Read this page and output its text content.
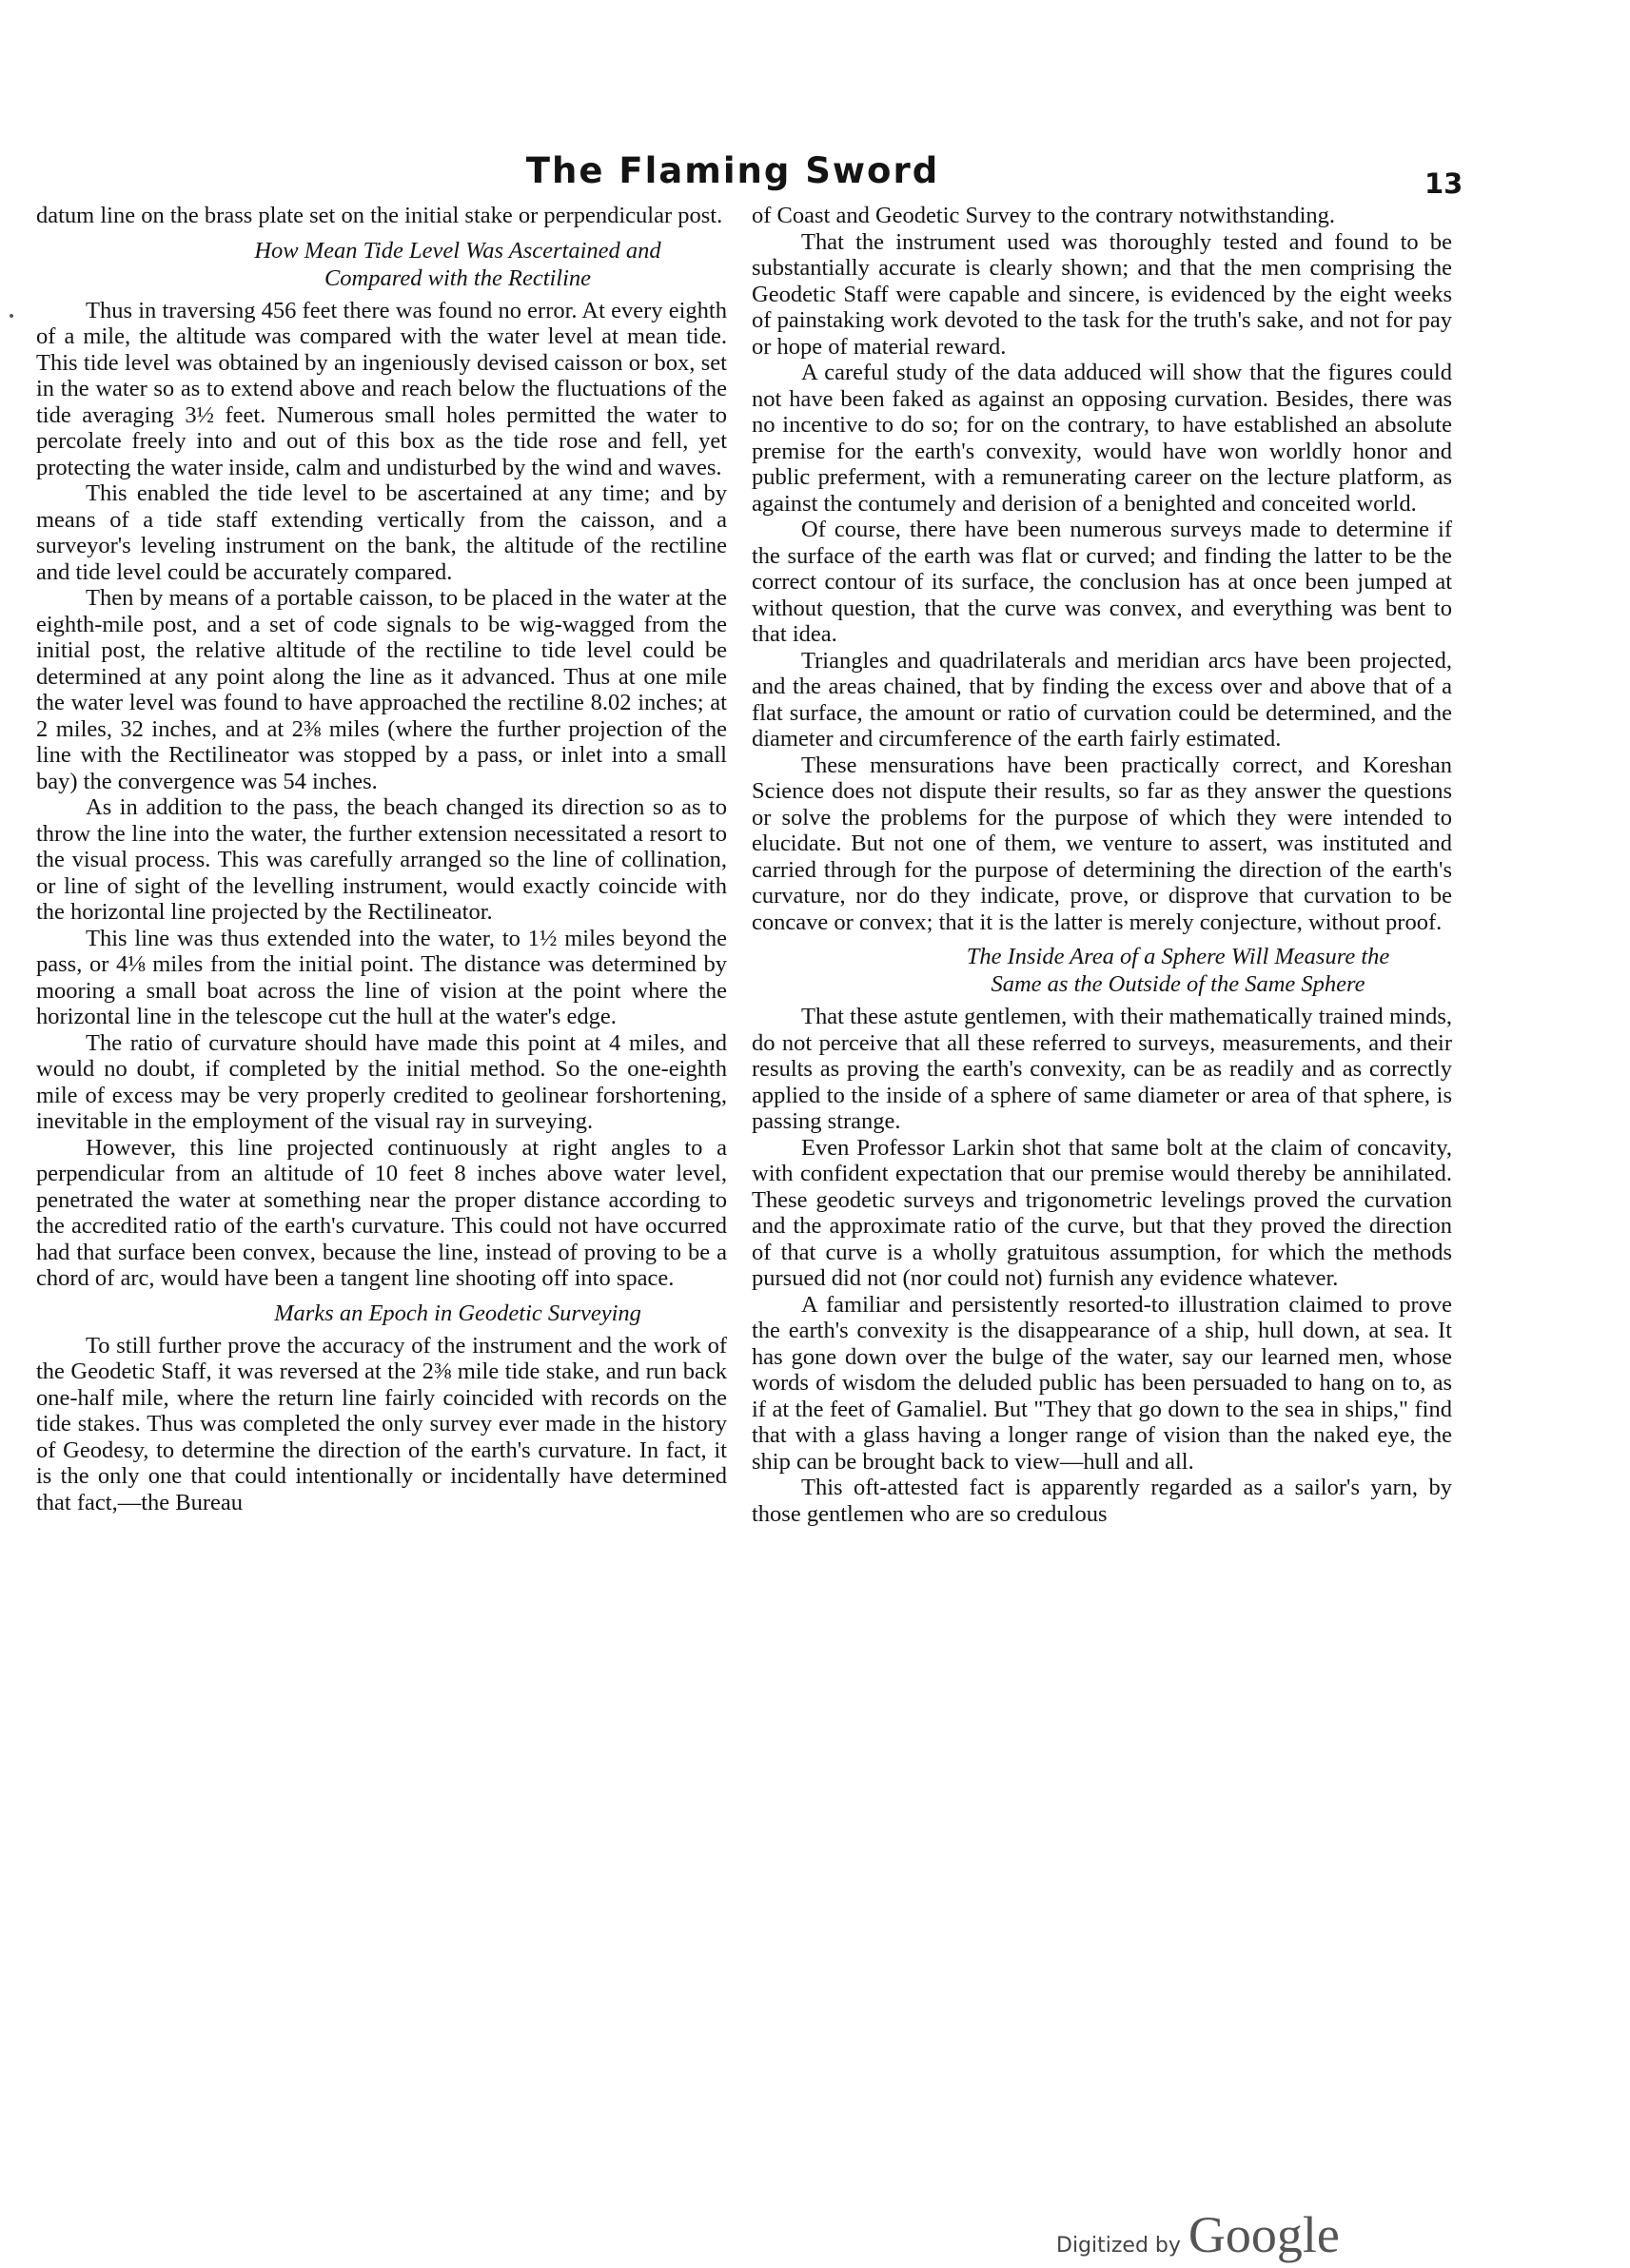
The Flaming Sword	13

datum line on the brass plate set on the initial stake or perpendicular post.

How Mean Tide Level Was Ascertained and Compared with the Rectiline

Thus in traversing 456 feet there was found no error. At every eighth of a mile, the altitude was compared with the water level at mean tide. This tide level was obtained by an ingeniously devised caisson or box, set in the water so as to extend above and reach below the fluctuations of the tide averaging 3½ feet. Numerous small holes permitted the water to percolate freely into and out of this box as the tide rose and fell, yet protecting the water inside, calm and undisturbed by the wind and waves.

This enabled the tide level to be ascertained at any time; and by means of a tide staff extending vertically from the caisson, and a surveyor's leveling instrument on the bank, the altitude of the rectiline and tide level could be accurately compared.

Then by means of a portable caisson, to be placed in the water at the eighth-mile post, and a set of code signals to be wig-wagged from the initial post, the relative altitude of the rectiline to tide level could be determined at any point along the line as it advanced. Thus at one mile the water level was found to have approached the rectiline 8.02 inches; at 2 miles, 32 inches, and at 2⅜ miles (where the further projection of the line with the Rectilineator was stopped by a pass, or inlet into a small bay) the convergence was 54 inches.

As in addition to the pass, the beach changed its direction so as to throw the line into the water, the further extension necessitated a resort to the visual process. This was carefully arranged so the line of collination, or line of sight of the levelling instrument, would exactly coincide with the horizontal line projected by the Rectilineator.

This line was thus extended into the water, to 1½ miles beyond the pass, or 4⅛ miles from the initial point. The distance was determined by mooring a small boat across the line of vision at the point where the horizontal line in the telescope cut the hull at the water's edge.

The ratio of curvature should have made this point at 4 miles, and would no doubt, if completed by the initial method. So the one-eighth mile of excess may be very properly credited to geolinear forshortening, inevitable in the employment of the visual ray in surveying.

However, this line projected continuously at right angles to a perpendicular from an altitude of 10 feet 8 inches above water level, penetrated the water at something near the proper distance according to the accredited ratio of the earth's curvature. This could not have occurred had that surface been convex, because the line, instead of proving to be a chord of arc, would have been a tangent line shooting off into space.

Marks an Epoch in Geodetic Surveying

To still further prove the accuracy of the instrument and the work of the Geodetic Staff, it was reversed at the 2⅜ mile tide stake, and run back one-half mile, where the return line fairly coincided with records on the tide stakes. Thus was completed the only survey ever made in the history of Geodesy, to determine the direction of the earth's curvature. In fact, it is the only one that could intentionally or incidentally have determined that fact,—the Bureau

of Coast and Geodetic Survey to the contrary notwithstanding.

That the instrument used was thoroughly tested and found to be substantially accurate is clearly shown; and that the men comprising the Geodetic Staff were capable and sincere, is evidenced by the eight weeks of painstaking work devoted to the task for the truth's sake, and not for pay or hope of material reward.

A careful study of the data adduced will show that the figures could not have been faked as against an opposing curvation. Besides, there was no incentive to do so; for on the contrary, to have established an absolute premise for the earth's convexity, would have won worldly honor and public preferment, with a remunerating career on the lecture platform, as against the contumely and derision of a benighted and conceited world.

Of course, there have been numerous surveys made to determine if the surface of the earth was flat or curved; and finding the latter to be the correct contour of its surface, the conclusion has at once been jumped at without question, that the curve was convex, and everything was bent to that idea.

Triangles and quadrilaterals and meridian arcs have been projected, and the areas chained, that by finding the excess over and above that of a flat surface, the amount or ratio of curvation could be determined, and the diameter and circumference of the earth fairly estimated.

These mensurations have been practically correct, and Koreshan Science does not dispute their results, so far as they answer the questions or solve the problems for the purpose of which they were intended to elucidate. But not one of them, we venture to assert, was instituted and carried through for the purpose of determining the direction of the earth's curvature, nor do they indicate, prove, or disprove that curvation to be concave or convex; that it is the latter is merely conjecture, without proof.

The Inside Area of a Sphere Will Measure the Same as the Outside of the Same Sphere

That these astute gentlemen, with their mathematically trained minds, do not perceive that all these referred to surveys, measurements, and their results as proving the earth's convexity, can be as readily and as correctly applied to the inside of a sphere of same diameter or area of that sphere, is passing strange.

Even Professor Larkin shot that same bolt at the claim of concavity, with confident expectation that our premise would thereby be annihilated. These geodetic surveys and trigonometric levelings proved the curvation and the approximate ratio of the curve, but that they proved the direction of that curve is a wholly gratuitous assumption, for which the methods pursued did not (nor could not) furnish any evidence whatever.

A familiar and persistently resorted-to illustration claimed to prove the earth's convexity is the disappearance of a ship, hull down, at sea. It has gone down over the bulge of the water, say our learned men, whose words of wisdom the deluded public has been persuaded to hang on to, as if at the feet of Gamaliel. But "They that go down to the sea in ships," find that with a glass having a longer range of vision than the naked eye, the ship can be brought back to view—hull and all.

This oft-attested fact is apparently regarded as a sailor's yarn, by those gentlemen who are so credulous

Digitized by Google
